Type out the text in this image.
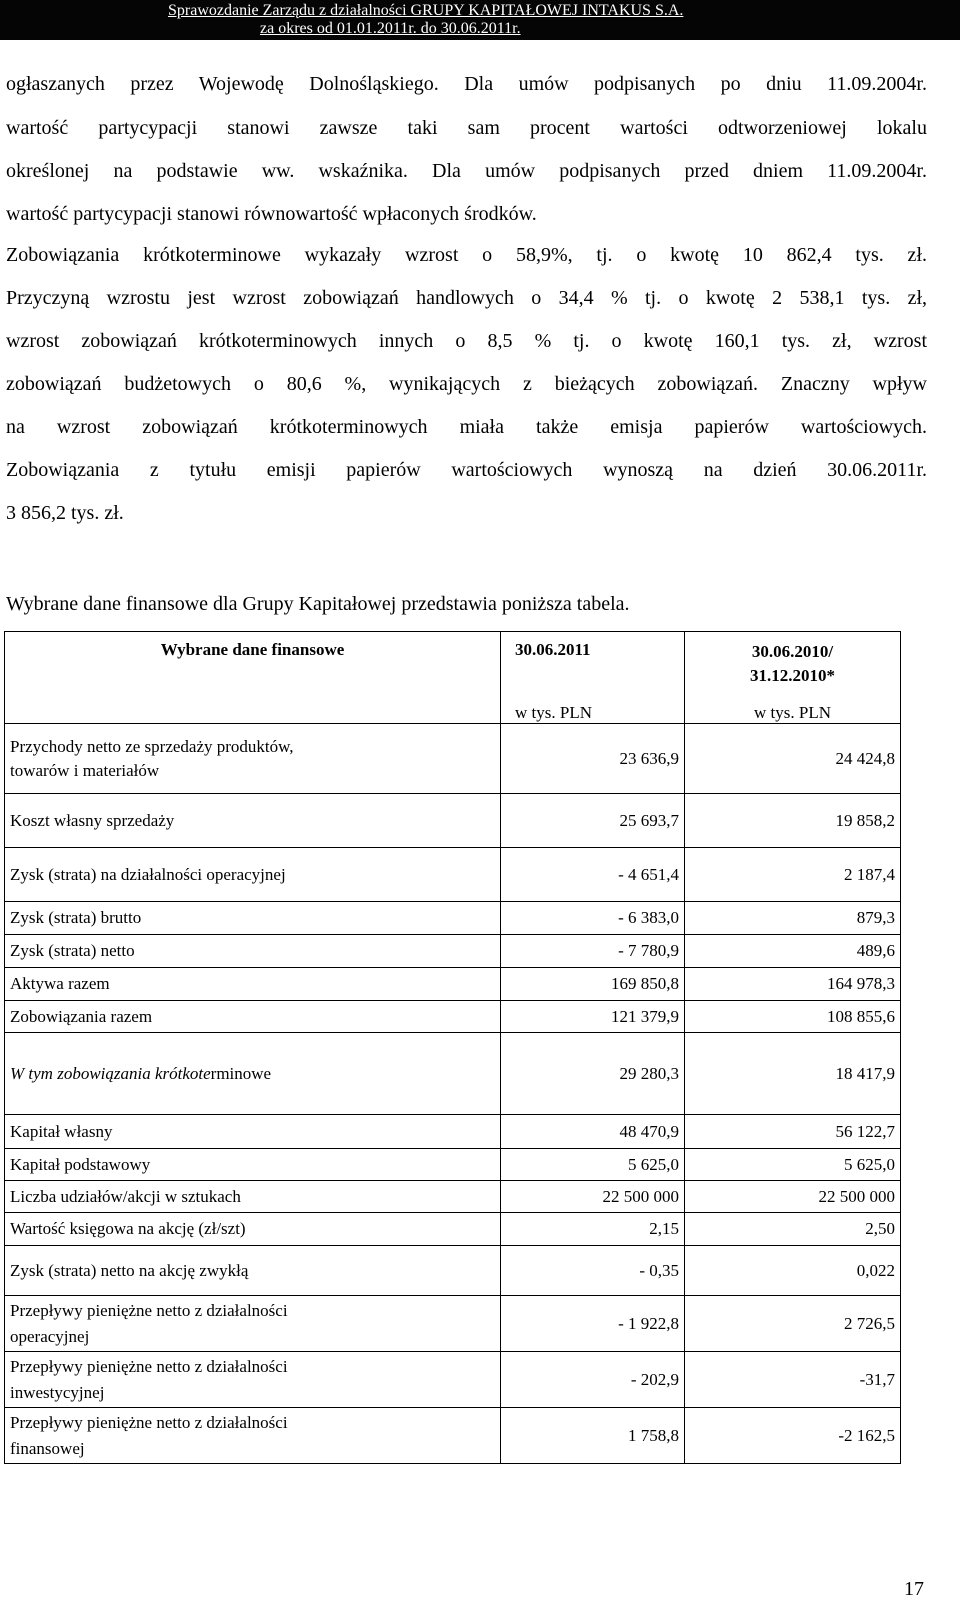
Sprawozdanie Zarządu z działalności GRUPY KAPITAŁOWEJ INTAKUS S.A.
za okres od 01.01.2011r. do 30.06.2011r.
ogłaszanych przez Wojewodę Dolnośląskiego. Dla umów podpisanych po dniu 11.09.2004r.
wartość partycypacji stanowi zawsze taki sam procent wartości odtworzeniowej lokalu
określonej na podstawie ww. wskaźnika. Dla umów podpisanych przed dniem 11.09.2004r.
wartość partycypacji stanowi równowartość wpłaconych środków.
Zobowiązania krótkoterminowe wykazały wzrost o 58,9%, tj. o kwotę 10 862,4 tys. zł.
Przyczyną wzrostu jest wzrost zobowiązań handlowych o 34,4 % tj. o kwotę 2 538,1 tys. zł,
wzrost zobowiązań krótkoterminowych innych o 8,5 % tj. o kwotę 160,1 tys. zł, wzrost
zobowiązań budżetowych o 80,6 %, wynikających z bieżących zobowiązań. Znaczny wpływ
na wzrost zobowiązań krótkoterminowych miała także emisja papierów wartościowych.
Zobowiązania z tytułu emisji papierów wartościowych wynoszą na dzień 30.06.2011r.
3 856,2 tys. zł.
Wybrane dane finansowe dla Grupy Kapitałowej przedstawia poniższa tabela.
Wybrane dane finansowe	30.06.2011	30.06.2010/
31.12.2010*

	w tys. PLN	w tys. PLN

Przychody netto ze sprzedaży produktów,
towarów i materiałów	23 636,9	24 424,8
Koszt własny sprzedaży	25 693,7	19 858,2
Zysk (strata) na działalności operacyjnej	- 4 651,4	2 187,4
Zysk (strata) brutto	- 6 383,0	879,3
Zysk (strata) netto	- 7 780,9	489,6
Aktywa razem	169 850,8	164 978,3
Zobowiązania razem	121 379,9	108 855,6
W tym zobowiązania krótkoterminowe	29 280,3	18 417,9
Kapitał własny	48 470,9	56 122,7
Kapitał podstawowy	5 625,0	5 625,0
Liczba udziałów/akcji w sztukach	22 500 000	22 500 000
Wartość księgowa na akcję (zł/szt)	2,15	2,50
Zysk (strata) netto na akcję zwykłą	- 0,35	0,022

Przepływy pieniężne netto z działalności
operacyjnej	- 1 922,8	2 726,5

Przepływy pieniężne netto z działalności
inwestycyjnej	- 202,9	-31,7

Przepływy pieniężne netto z działalności
finansowej	1 758,8	-2 162,5
17
